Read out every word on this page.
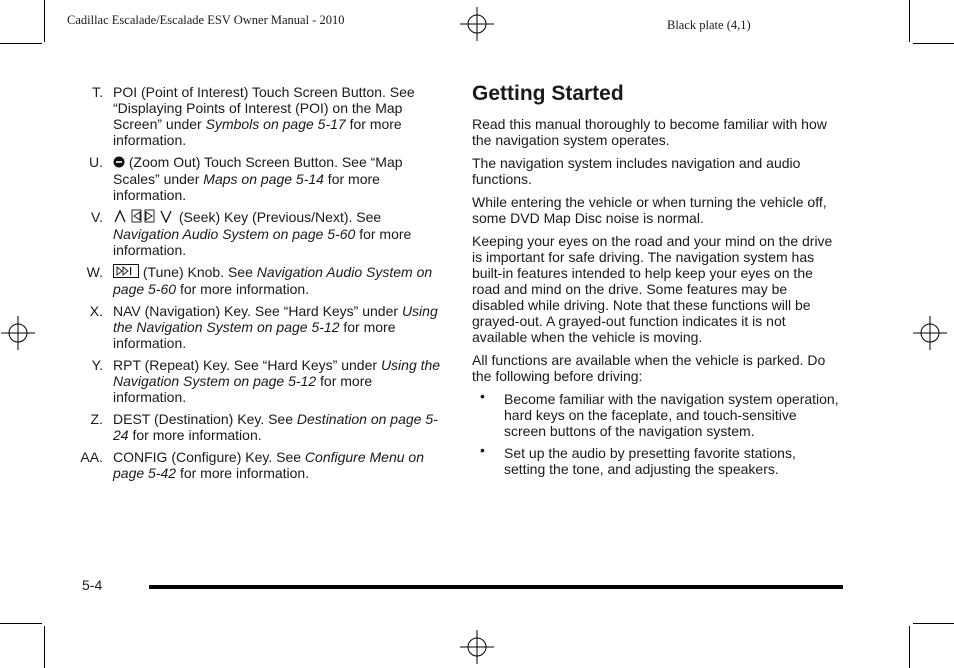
Cadillac Escalade/Escalade ESV Owner Manual - 2010	Black plate (4,1)
T. POI (Point of Interest) Touch Screen Button. See “Displaying Points of Interest (POI) on the Map Screen” under Symbols on page 5-17 for more information.
U. (Zoom Out) Touch Screen Button. See “Map Scales” under Maps on page 5-14 for more information.
V.	(Seek) Key (Previous/Next). See Navigation Audio System on page 5-60 for more information.
W.	(Tune) Knob. See Navigation Audio System on page 5-60 for more information.
X. NAV (Navigation) Key. See “Hard Keys” under Using the Navigation System on page 5-12 for more information.
Y. RPT (Repeat) Key. See “Hard Keys” under Using the Navigation System on page 5-12 for more information.
Z. DEST (Destination) Key. See Destination on page 5-24 for more information.
AA. CONFIG (Configure) Key. See Configure Menu on page 5-42 for more information.
Getting Started

Read this manual thoroughly to become familiar with how the navigation system operates.

The navigation system includes navigation and audio functions.

While entering the vehicle or when turning the vehicle off, some DVD Map Disc noise is normal.

Keeping your eyes on the road and your mind on the drive is important for safe driving. The navigation system has built-in features intended to help keep your eyes on the road and mind on the drive. Some features may be disabled while driving. Note that these functions will be grayed-out. A grayed-out function indicates it is not available when the vehicle is moving.

All functions are available when the vehicle is parked. Do the following before driving:

• Become familiar with the navigation system operation, hard keys on the faceplate, and touch-sensitive screen buttons of the navigation system.
• Set up the audio by presetting favorite stations, setting the tone, and adjusting the speakers.
5-4
